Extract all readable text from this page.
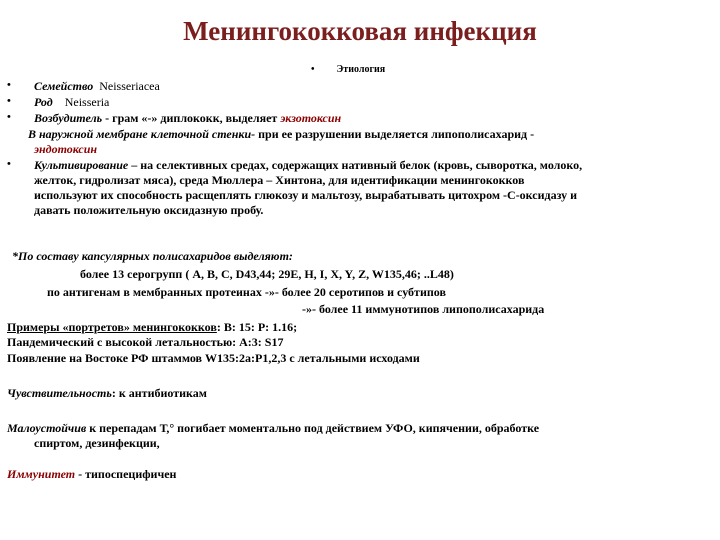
Менингококковая инфекция
• Этиология
•
•
•
•
Семейство Neisseriacea
Род Neisseria
Возбудитель - грам «-» диплококк, выделяет экзотоксин
В наружной мембране клеточной стенки- при ее разрушении выделяется липополисахарид -
эндотоксин
Культивирование – на селективных средах, содержащих нативный белок (кровь, сыворотка, молоко,
желток, гидролизат мяса), среда Мюллера – Хинтона, для идентификации менингококков
используют их способность расщеплять глюкозу и мальтозу, вырабатывать цитохром -С-оксидазу и
давать положительную оксидазную пробу.
*По составу капсулярных полисахаридов выделяют:
более 13 серогрупп ( A, B, C, D43,44; 29E, H, I, X, Y, Z, W135,46; ..L48)
по антигенам в мембранных протеинах -»- более 20 серотипов и субтипов
-»- более 11 иммунотипов липополисахарида
Примеры «портретов» менингококков: B: 15: P: 1.16;
Пандемический с высокой летальностью: A:3: S17
Появление на Востоке РФ штаммов W135:2a:P1,2,3 с летальными исходами
Чувствительность: к антибиотикам
Малоустойчив к перепадам Т,° погибает моментально под действием УФО, кипячении, обработке
спиртом, дезинфекции,
Иммунитет - типоспецифичен
